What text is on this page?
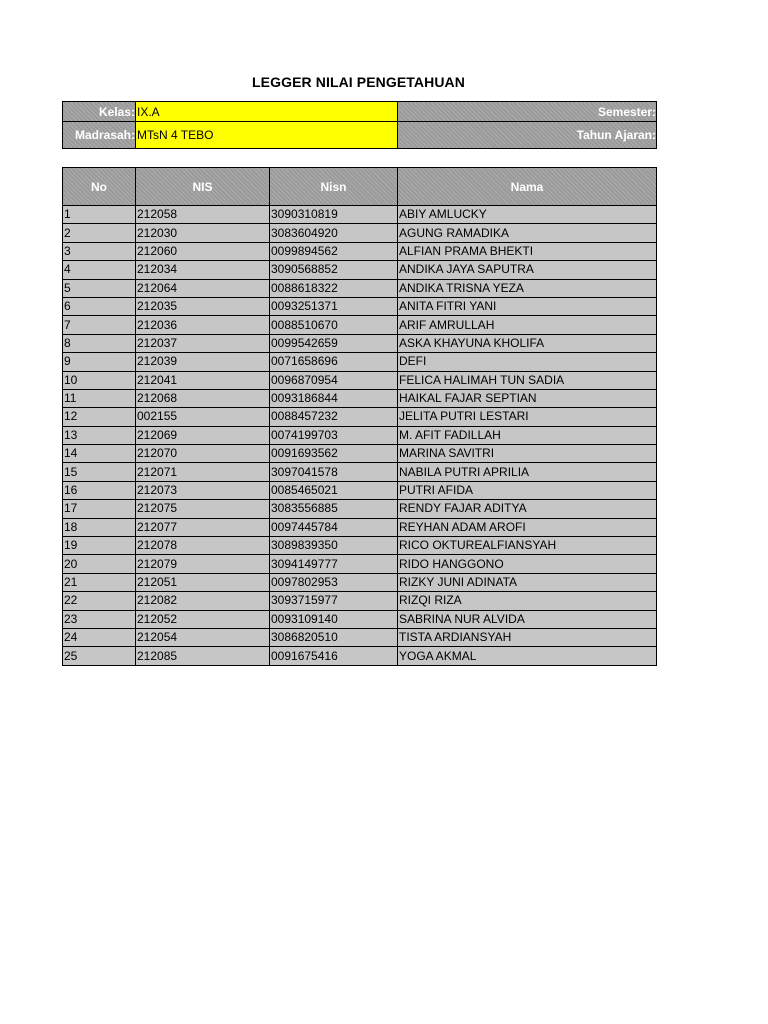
LEGGER NILAI PENGETAHUAN
Kelas:	IX.A	Semester:
Madrasah:	MTsN 4 TEBO	Tahun Ajaran:
No	NIS	Nisn	Nama
1	212058	3090310819	ABIY AMLUCKY
2	212030	3083604920	AGUNG RAMADIKA
3	212060	0099894562	ALFIAN PRAMA BHEKTI
4	212034	3090568852	ANDIKA JAYA SAPUTRA
5	212064	0088618322	ANDIKA TRISNA YEZA
6	212035	0093251371	ANITA FITRI YANI
7	212036	0088510670	ARIF AMRULLAH
8	212037	0099542659	ASKA KHAYUNA KHOLIFA
9	212039	0071658696	DEFI
10	212041	0096870954	FELICA HALIMAH TUN SADIA
11	212068	0093186844	HAIKAL FAJAR SEPTIAN
12	002155	0088457232	JELITA PUTRI LESTARI
13	212069	0074199703	M. AFIT FADILLAH
14	212070	0091693562	MARINA SAVITRI
15	212071	3097041578	NABILA PUTRI APRILIA
16	212073	0085465021	PUTRI AFIDA
17	212075	3083556885	RENDY FAJAR ADITYA
18	212077	0097445784	REYHAN ADAM AROFI
19	212078	3089839350	RICO OKTUREALFIANSYAH
20	212079	3094149777	RIDO HANGGONO
21	212051	0097802953	RIZKY JUNI ADINATA
22	212082	3093715977	RIZQI RIZA
23	212052	0093109140	SABRINA NUR ALVIDA
24	212054	3086820510	TISTA ARDIANSYAH
25	212085	0091675416	YOGA AKMAL
